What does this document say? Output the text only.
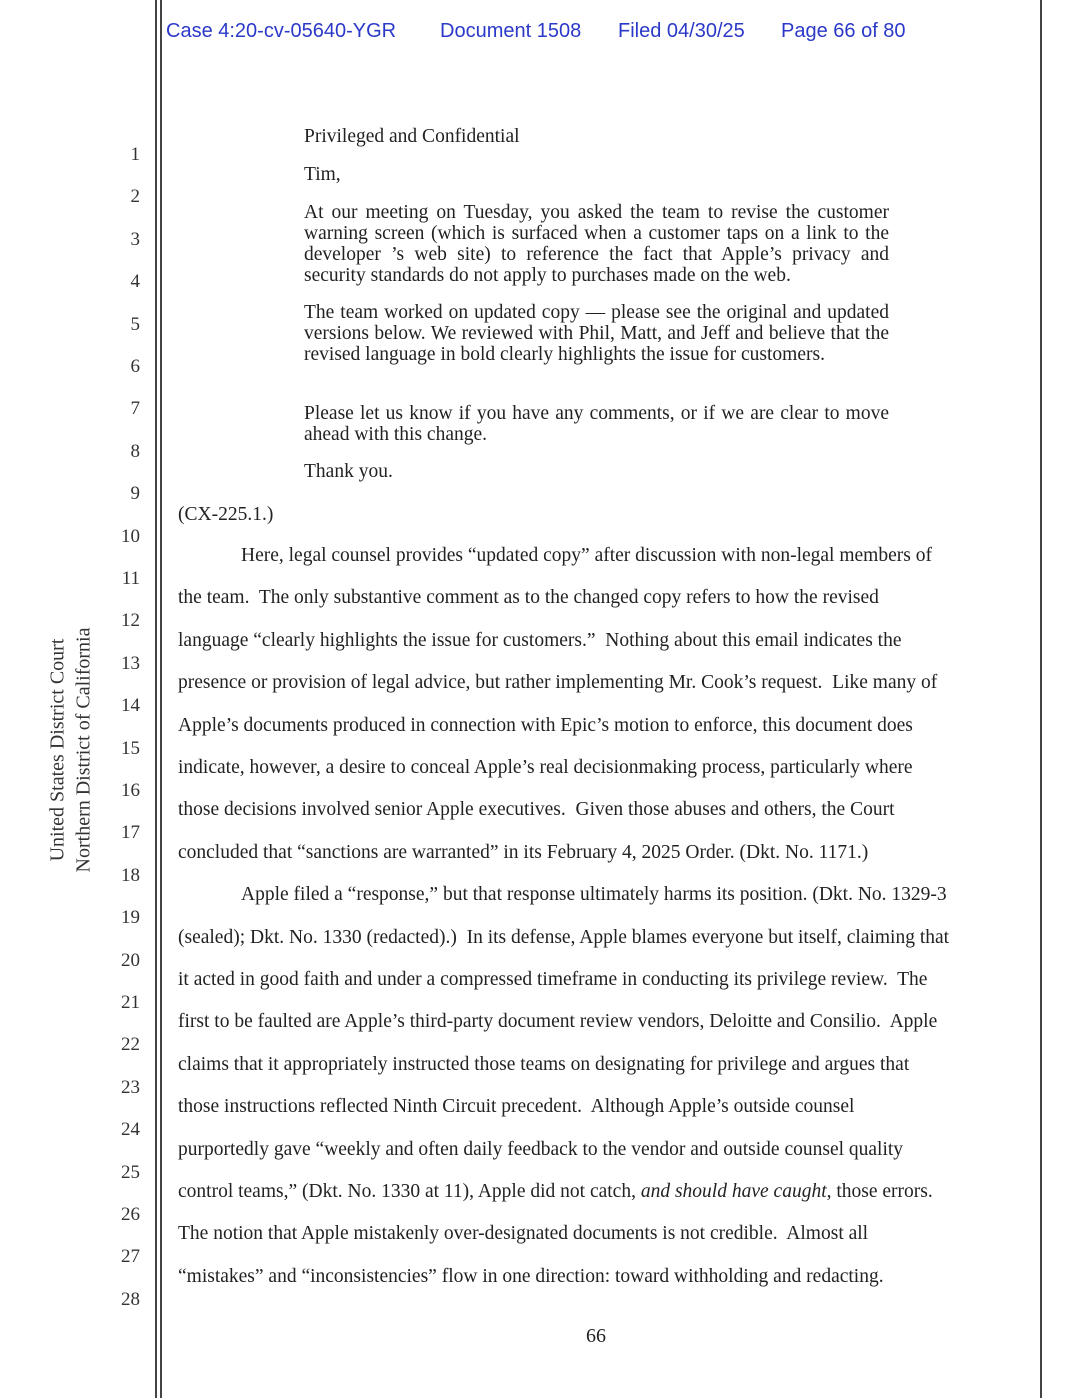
Case 4:20-cv-05640-YGR Document 1508 Filed 04/30/25 Page 66 of 80
United States District Court Northern District of California
1
2
3
4
5
6
7
8
9
10
11
12
13
14
15
16
17
18
19
20
21
22
23
24
25
26
27
28
Privileged and Confidential
Tim,
At our meeting on Tuesday, you asked the team to revise the customer warning screen (which is surfaced when a customer taps on a link to the developer ’s web site) to reference the fact that Apple’s privacy and security standards do not apply to purchases made on the web.
The team worked on updated copy — please see the original and updated versions below. We reviewed with Phil, Matt, and Jeff and believe that the revised language in bold clearly highlights the issue for customers.
Please let us know if you have any comments, or if we are clear to move ahead with this change.
Thank you.
(CX-225.1.)
Here, legal counsel provides “updated copy” after discussion with non-legal members of
the team.  The only substantive comment as to the changed copy refers to how the revised
language “clearly highlights the issue for customers.”  Nothing about this email indicates the
presence or provision of legal advice, but rather implementing Mr. Cook’s request.  Like many of
Apple’s documents produced in connection with Epic’s motion to enforce, this document does
indicate, however, a desire to conceal Apple’s real decisionmaking process, particularly where
those decisions involved senior Apple executives.  Given those abuses and others, the Court
concluded that “sanctions are warranted” in its February 4, 2025 Order. (Dkt. No. 1171.)
Apple filed a “response,” but that response ultimately harms its position. (Dkt. No. 1329-3
(sealed); Dkt. No. 1330 (redacted).)  In its defense, Apple blames everyone but itself, claiming that
it acted in good faith and under a compressed timeframe in conducting its privilege review.  The
first to be faulted are Apple’s third-party document review vendors, Deloitte and Consilio.  Apple
claims that it appropriately instructed those teams on designating for privilege and argues that
those instructions reflected Ninth Circuit precedent.  Although Apple’s outside counsel
purportedly gave “weekly and often daily feedback to the vendor and outside counsel quality
control teams,” (Dkt. No. 1330 at 11), Apple did not catch, and should have caught, those errors.
The notion that Apple mistakenly over-designated documents is not credible.  Almost all
“mistakes” and “inconsistencies” flow in one direction: toward withholding and redacting.
66
